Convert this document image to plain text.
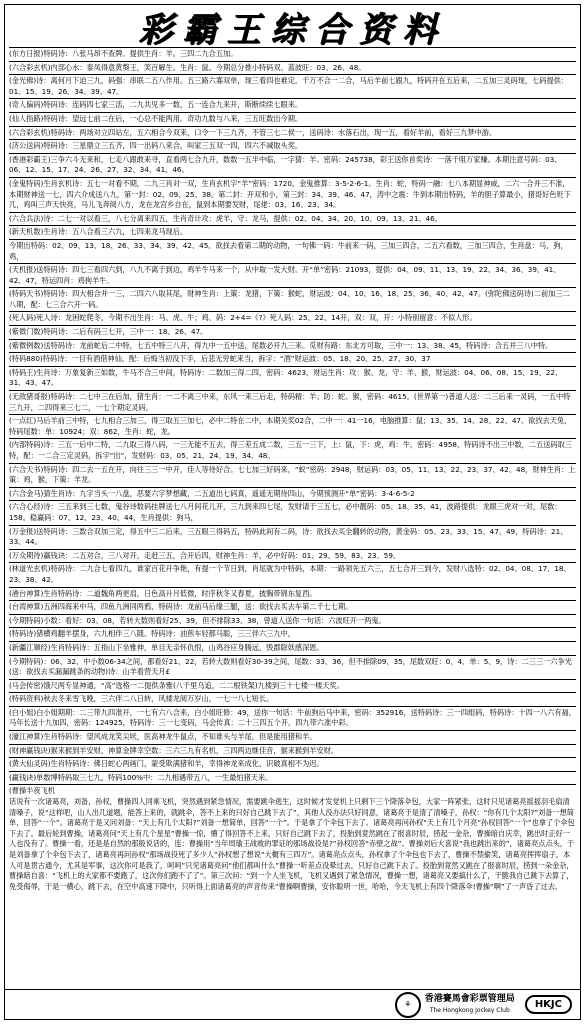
彩霸王综合资料

(东方日报)特码诗：八张马昂不查牌。提供生肖：羊。三四二九合五加。

(六合彩玄机)内部心水：泰凤得意黄獒王，笑百解生。生肖：鼠。今期总分推小特码双。蓝波旺：03、26、48。

(金光佛)诗：离何月下迫三九，码强：串联二五八作用。五三路六寡双单，现三看四也难定，千万不合一二合，马后羊前七跟九，特码开在五后来，二五加三灵码现，七码提供：01、15、19、26、34、39、47。

(奇人偏码)特码诗：连码四七家三活，二九共见多一数，五一连合九来开，斯断续续七眼来。

(仙人指路)特码诗：望远七前二在后，一心总不能两用。奇功九数与八来，三五旺数出今期。

(六合彩玄机)特码诗：两场对立四站左，五六相合今双来，口令一下三九齐，不管三七二侯一，送码诗：水落石出，现一五，看好羊前，看好三九梦中游。

(济公送码)特码诗：三星鼎立三五齐，四一出码八来合，叫家三五双一四，四六不减取头奖。

(香港彩霸王)三争六斗无来和，七走八跟敢来寻，直看两七合九开，数数一五半中临，一字猜：羊。密码：245738，彩王送你首奖诗：一落千咀万家赚。本期注意号码：03、06、12、15、17、24、26、27、32、34、41、46。

(金鬼特码)生肖玄机诗：五七一对看不期，二九三肖对一双，生肖玄机字“羊”密码：1720。金鬼推算：3-5-2-6-1。生肖：蛇，特码一融：七八本期显神威，二六一合并三不准，本期财神送一七，四六介成送八九，第一封：02、09、25、38。第二封：开双和小，第三封：34、39、46、47，涛中之震：牛到本期出特码，羊的胆子算最小，猪哥好色贬下几，鸡叫三声天快亮，马儿飞奔阅八方，龙在龙宫乡自在，鼠到本期要发财，尾佬：03、16、23、34。

(六合兵法)诗：二七一对以看三，八七分离来四五，生肖奇计攻：虎羊，守：龙马，提供：02、04、34、20、10、09、13、21、46。

(新天机数)生肖诗：五八合看三六九，七四来龙马现后。

今期出特码：02、09、13、18、26、33、34、39、42、45。欲找去看第二期的动物，一句佛一码：牛前来一码，三加三四合，二五六看数，三加三四合，生肖盘：马，狗，鸡，

(天机报)送特码诗：四七三看四六到，八九不离于到边，鸡羊牛马来一个，从中取一发大财。开“单”密码：21093，提供：04、09、11、13、19、22、34、36、39、41、42、47，特运四肖：鸡狗羊牛。

(特码天书)特码诗：四大相合并一三，二四六八取其尾，财神生肖：上策：龙猪，下策：猴蛇，财运波：04、10、16、18、25、36、40、42、47。(弥陀佛送码诗)二前加三二八期，配：七三合六开一码。

(死人码)死人诗：龙困蛇爬冬，今期不出生肖：马、虎、牛；鸡、码：2+4=《?》死人码：25、22、14开，双：双，开：小特别留意：不似人形。

(紫微门数)特码诗：二后有码三七开，三中一：18、26、47。

(紫微例数)送特码诗：龙前蛇后二中特，七五中特三八开，得九中一五中送，尾数必开九三来。觅财有路：东北方可取，三中一：13、38、45，特码诗：合五并三八中特。

(特码880)特码诗：一目有酒借神仙，配：后悔当初没下手，后悲无穷蛇来当，拆字：“酒”财运波：05、18、20、25、27、30、37

(特码王)生肖诗：万象复新三如数，牛马不合三中间，特码诗：二数加三得二四，密码：4623，财运生肖：攻：猴、龙，守：羊、猴，财运波：04、06、08、15、19、22、31、43、47。

(无敌猪哥报)特码诗：二七中三在后加，猪生肖：一二不离三中来，东风一来三后走，特码精：羊；防：蛇、猴，密码：4615。(世界第一)普道人送：二三后来一灵码，一五中特三九开，二四得来三七二，一七个期定灵码。

(一点红)马后羊前三中特，七九相合三加三，得三取五三加七，必中二特在二中，本期关奖02合，二中一：41一16，电脑推算：鼠；13、35、14、28、22、47。欲找去天兔，特码尾数：单：10924；双：862，生肖：蛇，龙。

(内部特码)诗：三五一后中二特，二九取三得八码，一三无能不五去，得三差五成二数，三五一三下，上：鼠，下：虎，鸡：牛，密码：4958，特码诗不出三中数，二五送码取三特，配：一二合三定灵码，拆字“出”，发财码：03、05、21、24、19、34、48。

(六合天书)特码诗：四二去一五在开，向往三三一中开，佳人等待好合。七七加三好码来，“蚁”密码：2948，财运码：03、05、11、13、22、23、37、42、48，财神生肖：上策：鸡，猴，下策：羊龙。

(六合金马)猜生肖诗：九字当头一八盘，恶要六字梦想藏，二五道出七码真，遥遥无期待四山，今期预测开“单”密码：3-4-6-5-2

(六合心经)诗：三五来到三七数，鬼谷诗数码挂牌送七八月间花儿开，三九到来四七尾，发财请于三五七，必中靓码：05、18、35、41，波路提供：龙眼三虎对一对，尾数：158。稳赢码：07、12、23、40、44，生肖提供：狗马，

(万金报)送特码诗：三数合双加三定，得五中三二后来，三五眼三得码五，特码此间有二码，诗：欲找去买全翻转的动物，黄金码：05、23、33、15、47、49，特码诗：21、33、44。

(万众期待)赢钱诀：二五对合，三八对开，走赶三五，合开后四，财神生肖：羊，必中好码：01、29、59、83、23、59。

(林道光玄机)特码诗：二九合七看四九，谁家百花开争艳，有提一个节日到，肖尾就为中特码，本期：一路领先五六三，五七合开三到今，发财八选特：02、04、08、17、18、23、38、42。

(港台神算)生肖特码诗：二道魏角两更肩，日色高升月低微，时序秋冬又春夏，披胸带锦东复西。

(台湾神算)五洲四海来中马，四鱼九洲同两鸦，特码诗：龙前马后缘三腿，送：欲找去买去车第二千七七期。

(今期特码)小数：看好：03、08，若转大数则看好25、39，但不排除33、38，曾道人送你一句话：六波旺开一两鬼。

(特码诗)猪横鸡翻羊摆身，六九相伴三八随。特码诗：油煎车轻都马聪，三三伴六三九中，

(新疆江顺经)生肖特码诗：五指山下坐雅伸，单目无亲怀仇恨，山鸡谷应身腾远，毁郡除妖感深恩。

(今期特码)：06、32、中小数06-34之间，都看好21、22，若转大数则看好30-39之间，尾数：33、36，但不排除09、35，尾数双旺：0、4、单：5、9，诗：二三三一六争光(送：欲找去买漏漏跳条的动物)诗：山羊看营天月£

(马会传密)饿尺两专显神通，“高”选格一二提供条雅(八千里乌追，二二根铁架)九楼到三十七楼一楼天奖。

(特码资料)秋去冬来雪飞晚，三六伴二八日转，风楼龙阅万岁山，一七一八七短长。

(白小姐)白小姐期期：二三带九四准开，一七有六八合来，白小姐旺修：49，送你一句话：牛前狗后马中来，密码：352916，送特码诗：三一四组码，特码诗：十四一八六有福，马年长送十九加四，密码：124925，特码诗：三一七变码，马会传真：二十三四五个开，四九带六准中彩。

(濠江神算)生肖特码诗：望风成龙笑尖吠，医高神龙牛鼠点，不知谁头与羊尾，但是能用猪和羊。

(财神赢钱诀)猴来猴到羊安财，神算金牌幸空数：三六三九有名机，三四两边继佳音，猴来猴到羊安财。

(黄大仙灵码)生肖特码诗：佛日蛇心两画门，蒙受欺满猪和羊，幸得神龙来成化，识破真相不为迟。

(赢钱诀)单数博特码取三七九，特码100%中：二九相遇带五八，一生最怕猪天来。

(曹操半夜飞机

话说有一次诸葛亮，刘备，孙权，曹操四人同乘飞机，突然遇到紧急情况，需要跳伞逃生，这时候才发觉机上只剩下三个降落伞包，大家一阵紧张，这时只见诸葛亮摇摇羽毛扇清清嗓子，说“这样吧，山人出几道题，能答上来的，就跳伞，答不上来的只好自己跳下去了”，其他人没办法只好同意，诸葛亮于是清了清嗓子，孙权：“你有几个太阳?”刘备一想简单，回答“一个”。诸葛亮于是又问刘备：“天上有几个太阳?”刘备一想简单，回答“一个”。于是拿了个伞包下去了。诸葛亮再问孙权“天上有几个月亮”孙权回答“一个”也拿了个伞包下去了。最后轮到曹操，诸葛亮问“天上有几个星星”曹操一惊，懵了得回答不上来，只好自己跳下去了，投胎到竟然跳在了报喜时辰，捞起一金杂，曹操暗自庆幸，跳出时正好一人也没有了。曹操一看，还是是自然的那般说话的，连：曹操用“当年周瑜王战败的罪证的那场战役是?”孙权回答“赤壁之战”。曹操刘后大喜说“我也跳出来的”，诸葛亮点点头，于是刘备拿了个伞包下去了，诸葛亮再问孙权“那场战役死了多少人”孙权想了想说“大概有三四万”。诸葛亮点点头，孙权拿了个伞包也下去了，曹操不禁偷笑，诸葛亮挥挥扇子，本人可是贯古通今，尤其是军事，这次你可是我了，呵呵”只见诸葛亮问“他们都叫什么”曹操一听差点没晕过去，只好自己跳下去了。投胎到竟然又跳在了报喜时辰，捞到一朵金杂，曹操暗自喜：“飞机上的大家都不要跑了，这次你们跑不了了”。第三次问：“到一个人坐飞机，飞机又遇到了紧急情况，曹操一想，诸葛亮又要搞什么了，干脆我自己跳下去算了，免受侮辱，于是一横心，跳下去，在空中高速下降中，只听得上面诸葛亮的声音传来“曹操啊曹操，安你聪明一世，哈哈，今天飞机上有四个降落伞!曹操“啊”了一声昏了过去。

⚘
香港賽馬會彩票管理局
The Hongkong Jockey Club	HKJC
